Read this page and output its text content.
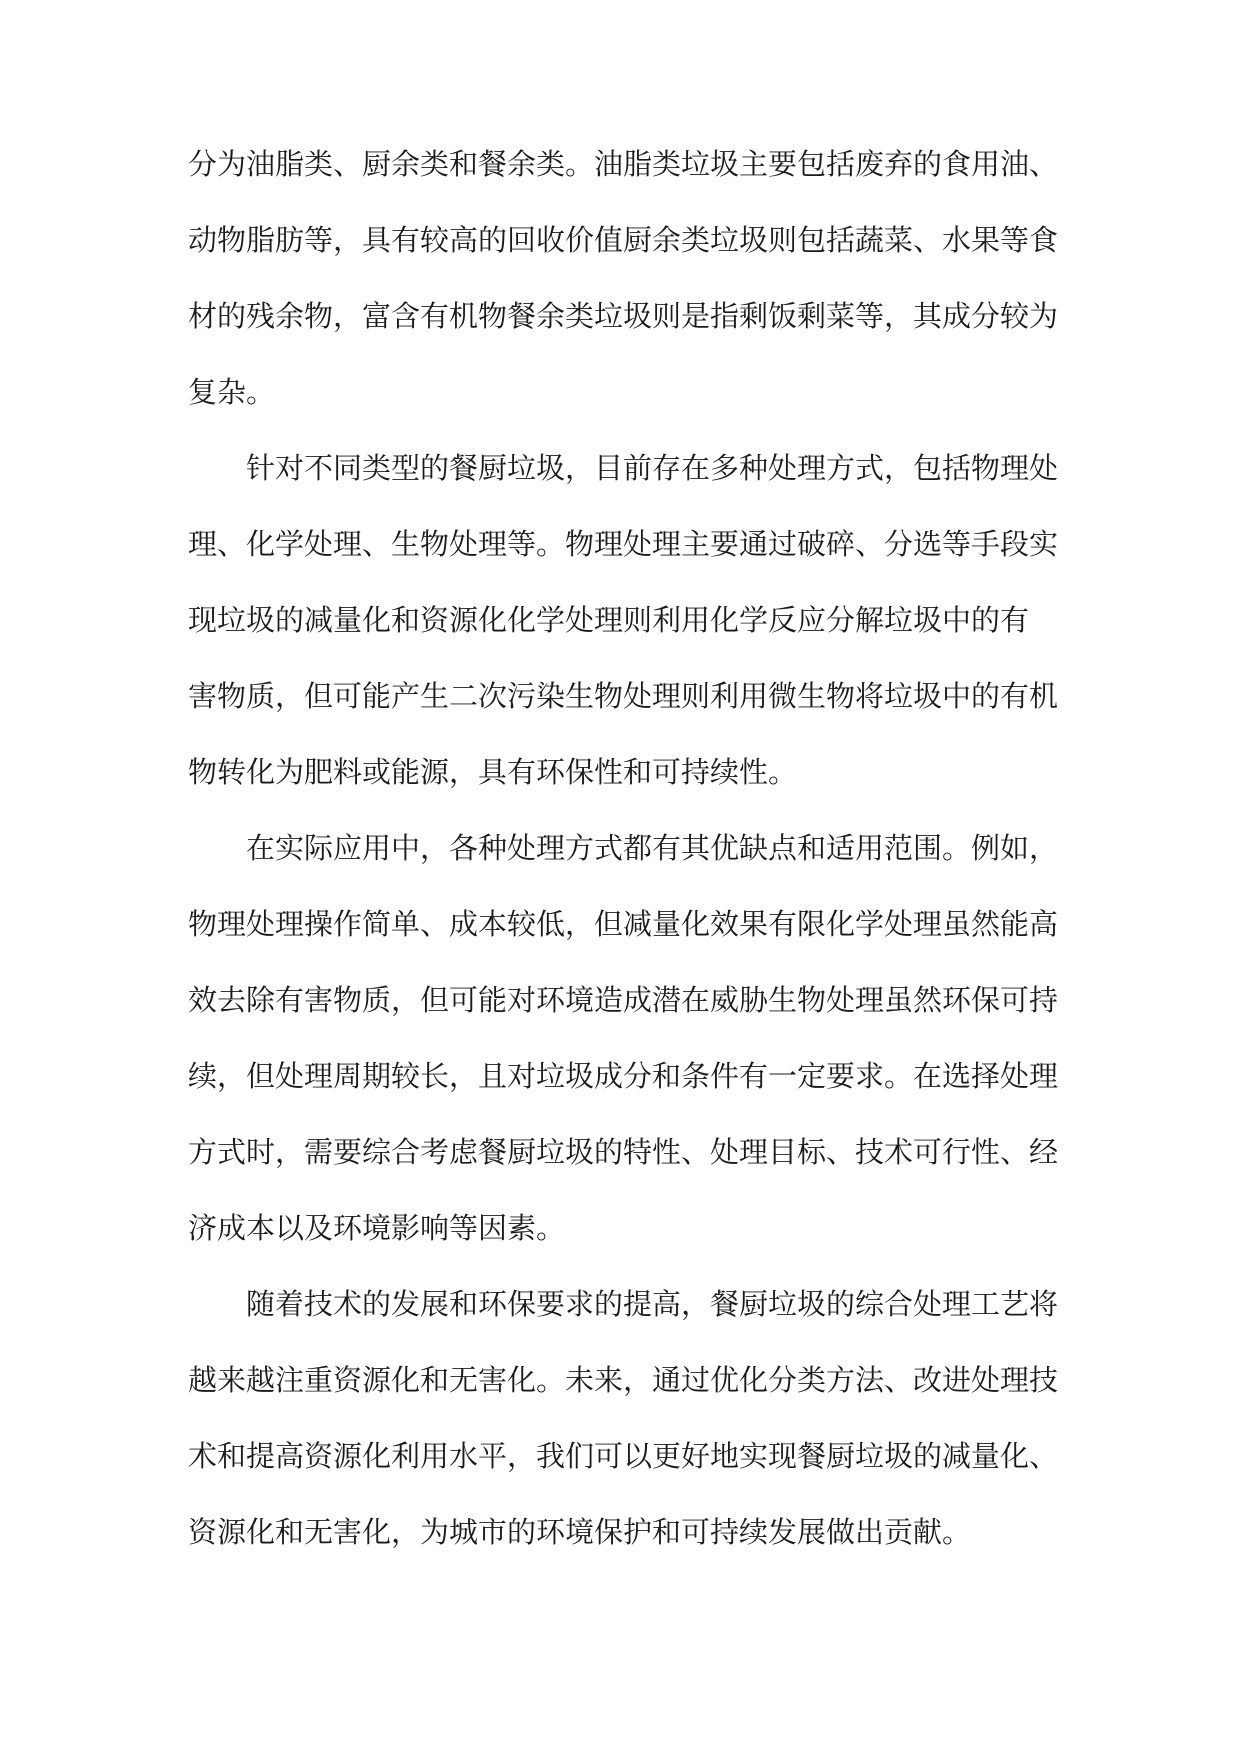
分为油脂类、厨余类和餐余类。油脂类垃圾主要包括废弃的食用油、
动物脂肪等，具有较高的回收价值厨余类垃圾则包括蔬菜、水果等食
材的残余物，富含有机物餐余类垃圾则是指剩饭剩菜等，其成分较为
复杂。
针对不同类型的餐厨垃圾，目前存在多种处理方式，包括物理处
理、化学处理、生物处理等。物理处理主要通过破碎、分选等手段实
现垃圾的减量化和资源化化学处理则利用化学反应分解垃圾中的有
害物质，但可能产生二次污染生物处理则利用微生物将垃圾中的有机
物转化为肥料或能源，具有环保性和可持续性。
在实际应用中，各种处理方式都有其优缺点和适用范围。例如，
物理处理操作简单、成本较低，但减量化效果有限化学处理虽然能高
效去除有害物质，但可能对环境造成潜在威胁生物处理虽然环保可持
续，但处理周期较长，且对垃圾成分和条件有一定要求。在选择处理
方式时，需要综合考虑餐厨垃圾的特性、处理目标、技术可行性、经
济成本以及环境影响等因素。
随着技术的发展和环保要求的提高，餐厨垃圾的综合处理工艺将
越来越注重资源化和无害化。未来，通过优化分类方法、改进处理技
术和提高资源化利用水平，我们可以更好地实现餐厨垃圾的减量化、
资源化和无害化，为城市的环境保护和可持续发展做出贡献。
